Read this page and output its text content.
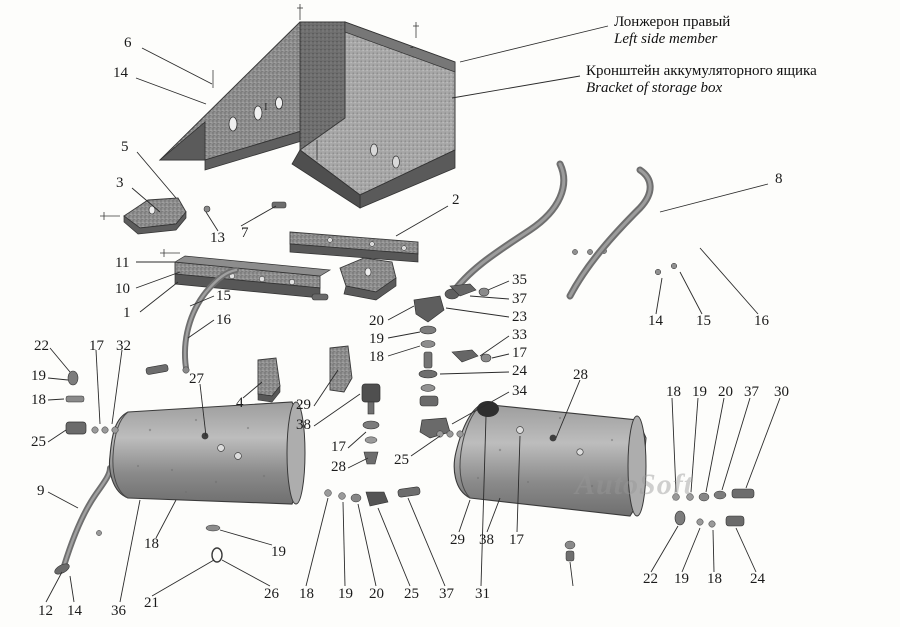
-
I
Лонжерон правый
Left side member
Кронштейн аккумуляторного ящика
Bracket of storage box
6
14
5
3
13 7
2
8
11
10
1
15
16	14 15	16
35
37
23
33
17
24
34
20
19
18
22	17 32
19
18
25
27
4	29
38
17
28	25
28
18 19 20 37 30
9
18	19
12 14 36 21
26 18 19 20 25 37 31
29 38 17
22 19 18 24
AutoSoft
